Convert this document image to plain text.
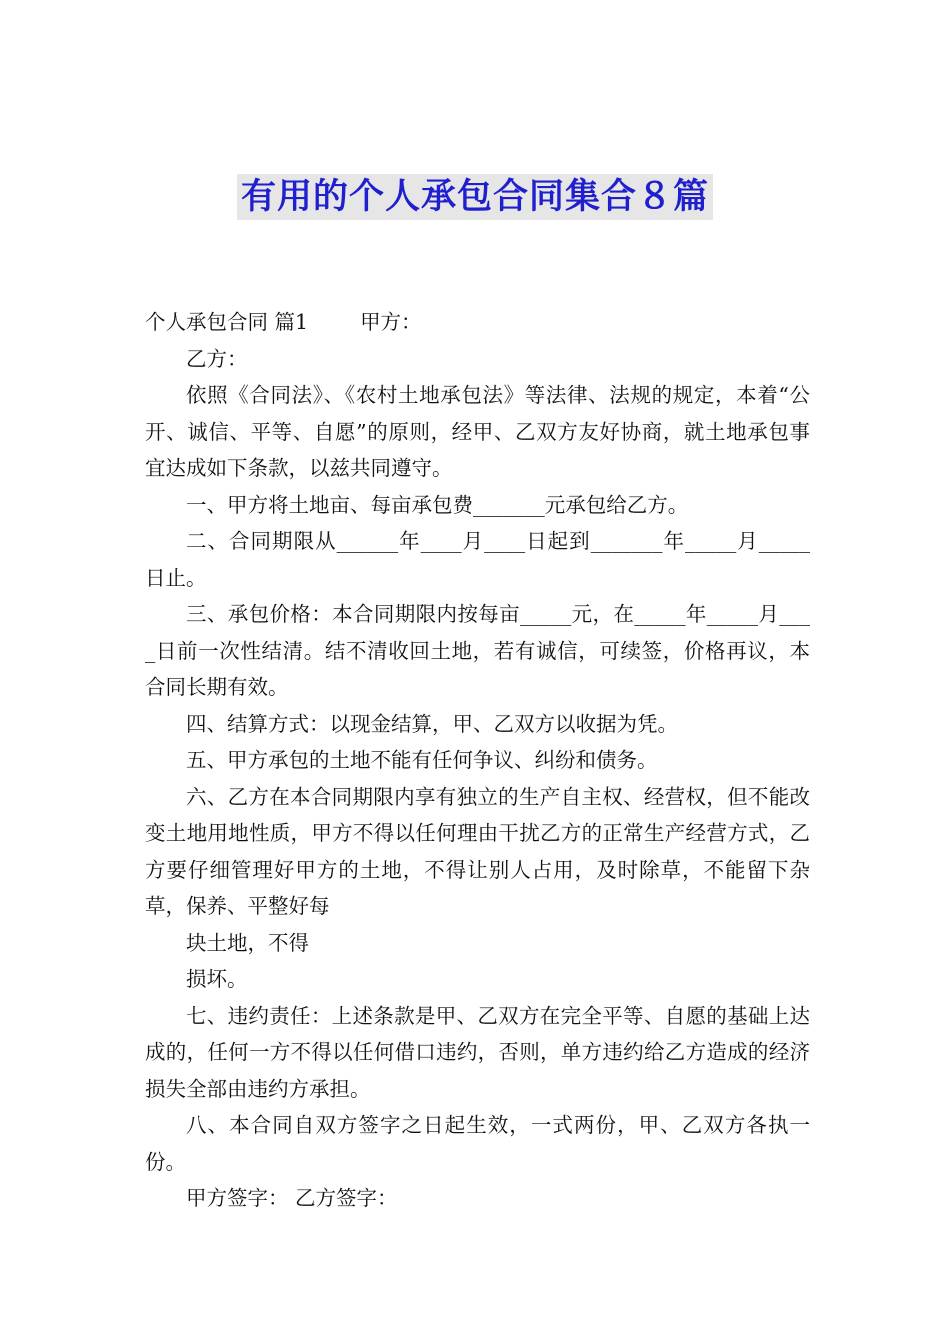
有用的个人承包合同集合８篇

个人承包合同 篇1	甲方：

乙方：

依照《合同法》、《农村土地承包法》等法律、法规的规定，本着“公开、诚信、平等、自愿”的原则，经甲、乙双方友好协商，就土地承包事宜达成如下条款，以兹共同遵守。

一、甲方将土地亩、每亩承包费_______元承包给乙方。

二、合同期限从______年____月____日起到_______年_____月_____日止。

三、承包价格：本合同期限内按每亩_____元，在_____年_____月____日前一次性结清。结不清收回土地，若有诚信，可续签，价格再议，本合同长期有效。

四、结算方式：以现金结算，甲、乙双方以收据为凭。

五、甲方承包的土地不能有任何争议、纠纷和债务。

六、乙方在本合同期限内享有独立的生产自主权、经营权，但不能改变土地用地性质，甲方不得以任何理由干扰乙方的正常生产经营方式，乙方要仔细管理好甲方的土地，不得让别人占用，及时除草，不能留下杂草，保养、平整好每

块土地，不得

损坏。

七、违约责任：上述条款是甲、乙双方在完全平等、自愿的基础上达成的，任何一方不得以任何借口违约，否则，单方违约给乙方造成的经济损失全部由违约方承担。

八、本合同自双方签字之日起生效，一式两份，甲、乙双方各执一份。

甲方签字： 乙方签字：
